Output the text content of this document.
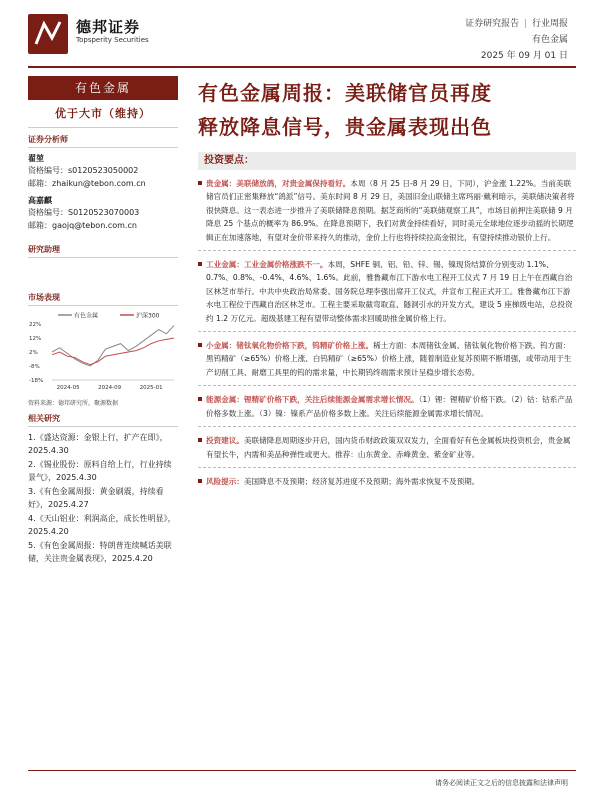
德邦证券
Topsperity Securities
证券研究报告 | 行业周报
有色金属
2025 年 09 月 01 日
有色金属
优于大市（维持）
证券分析师
翟堃
资格编号：s0120523050002
邮箱：zhaikun@tebon.com.cn
高嘉麒
资格编号：S0120523070003
邮箱：gaojq@tebon.com.cn
研究助理
市场表现
有色金属	沪深300
22%
12%
2%
-8%
-18%
2024-05	2024-09	2025-01
资料来源：德邦研究所，聚源数据
相关研究
1.《盛达资源：金银上行，扩产在即》，2025.4.30
2.《锡业股份：原料自给上行，行业持续景气》，2025.4.30
3.《有色金属周报：黄金刷震，持续看好》，2025.4.27
4.《天山铝业：利润高企，成长性明显》，2025.4.20
5.《有色金属周报：特朗普连续喊话美联储，关注贵金属表现》，2025.4.20
有色金属周报：美联储官员再度
释放降息信号，贵金属表现出色
投资要点：
贵金属：美联储放鸽，对贵金属保持看好。本周（8 月 25 日-8 月 29 日，下同），沪金涨 1.22%。当前美联储官员们正密集释放“鸽派”信号。美东时间 8 月 29 日，美国旧金山联储主席玛丽·戴利暗示，美联储决策者将很快降息。这一表态进一步推升了美联储降息预期。据芝商所的“美联储观察工具”，市场目前押注美联储 9 月降息 25 个基点的概率为 86.9%。在降息预期下，我们对黄金持续看好，同时美元全球地位逐步动摇的长期逻辑正在加速落地，有望对金价带来持久的推动，金价上行也将持续拉高金银比，有望持续推动银价上行。
工业金属：工业金属价格涨跌不一。本周，SHFE 铜、铝、铅、锌、锡、镍现货结算价分别变动 1.1%、0.7%、0.8%、-0.4%、4.6%、1.6%。此前，雅鲁藏布江下游水电工程开工仪式 7 月 19 日上午在西藏自治区林芝市举行。中共中央政治局常委、国务院总理李强出席开工仪式，并宣布工程正式开工。雅鲁藏布江下游水电工程位于西藏自治区林芝市。工程主要采取截弯取直、隧洞引水的开发方式，建设 5 座梯级电站，总投资约 1.2 万亿元。超级基建工程有望带动整体需求回暖助推金属价格上行。
小金属：锗钛氧化物价格下跌，钨精矿价格上涨。稀土方面：本周锗钛金属、锗钛氧化物价格下跌。钨方面：黑钨精矿（≥65%）价格上涨、白钨精矿（≥65%）价格上涨，随着制造业复苏预期不断增强，或带动用于生产切削工具、耐磨工具里的钨的需求量，中长期钨终端需求预计呈稳步增长态势。
能源金属：锂精矿价格下跌，关注后续能源金属需求增长情况。（1）锂：锂精矿价格下跌。（2）钴：钴系产品价格多数上涨。（3）镍：镍系产品价格多数上涨。关注后续能源金属需求增长情况。
投资建议。美联储降息周期逐步开启，国内货币财政政策双双发力，全面看好有色金属板块投资机会，贵金属有望长牛，内需和美品种弹性或更大。推荐：山东黄金、赤峰黄金、紫金矿业等。
风险提示：美国降息不及预期；经济复苏进度不及预期；海外需求恢复不及预期。
请务必阅读正文之后的信息披露和法律声明
